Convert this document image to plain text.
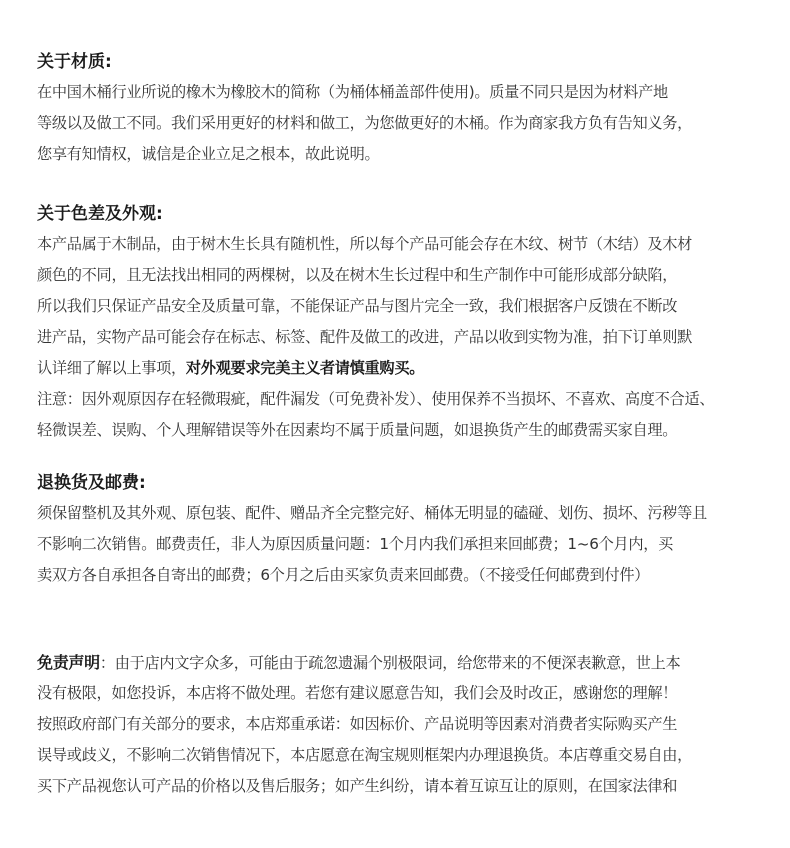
关于材质:
在中国木桶行业所说的橡木为橡胶木的简称（为桶体桶盖部件使用)。质量不同只是因为材料产地
等级以及做工不同。我们采用更好的材料和做工，为您做更好的木桶。作为商家我方负有告知义务，
您享有知情权，诚信是企业立足之根本，故此说明。
关于色差及外观:
本产品属于木制品，由于树木生长具有随机性，所以每个产品可能会存在木纹、树节（木结）及木材
颜色的不同，且无法找出相同的两棵树，以及在树木生长过程中和生产制作中可能形成部分缺陷，
所以我们只保证产品安全及质量可靠，不能保证产品与图片完全一致，我们根据客户反馈在不断改
进产品，实物产品可能会存在标志、标签、配件及做工的改进，产品以收到实物为准，拍下订单则默
认详细了解以上事项，对外观要求完美主义者请慎重购买。
注意：因外观原因存在轻微瑕疵，配件漏发（可免费补发）、使用保养不当损坏、不喜欢、高度不合适、
轻微误差、误购、个人理解错误等外在因素均不属于质量问题，如退换货产生的邮费需买家自理。
退换货及邮费:
须保留整机及其外观、原包装、配件、赠品齐全完整完好、桶体无明显的磕碰、划伤、损坏、污秽等且
不影响二次销售。邮费责任，非人为原因质量问题：1个月内我们承担来回邮费；1~6个月内，买
卖双方各自承担各自寄出的邮费；6个月之后由买家负责来回邮费。（不接受任何邮费到付件）
免责声明：由于店内文字众多，可能由于疏忽遗漏个别极限词，给您带来的不便深表歉意，世上本
没有极限，如您投诉，本店将不做处理。若您有建议愿意告知，我们会及时改正，感谢您的理解！
按照政府部门有关部分的要求，本店郑重承诺：如因标价、产品说明等因素对消费者实际购买产生
误导或歧义，不影响二次销售情况下，本店愿意在淘宝规则框架内办理退换货。本店尊重交易自由，
买下产品视您认可产品的价格以及售后服务；如产生纠纷，请本着互谅互让的原则，在国家法律和
